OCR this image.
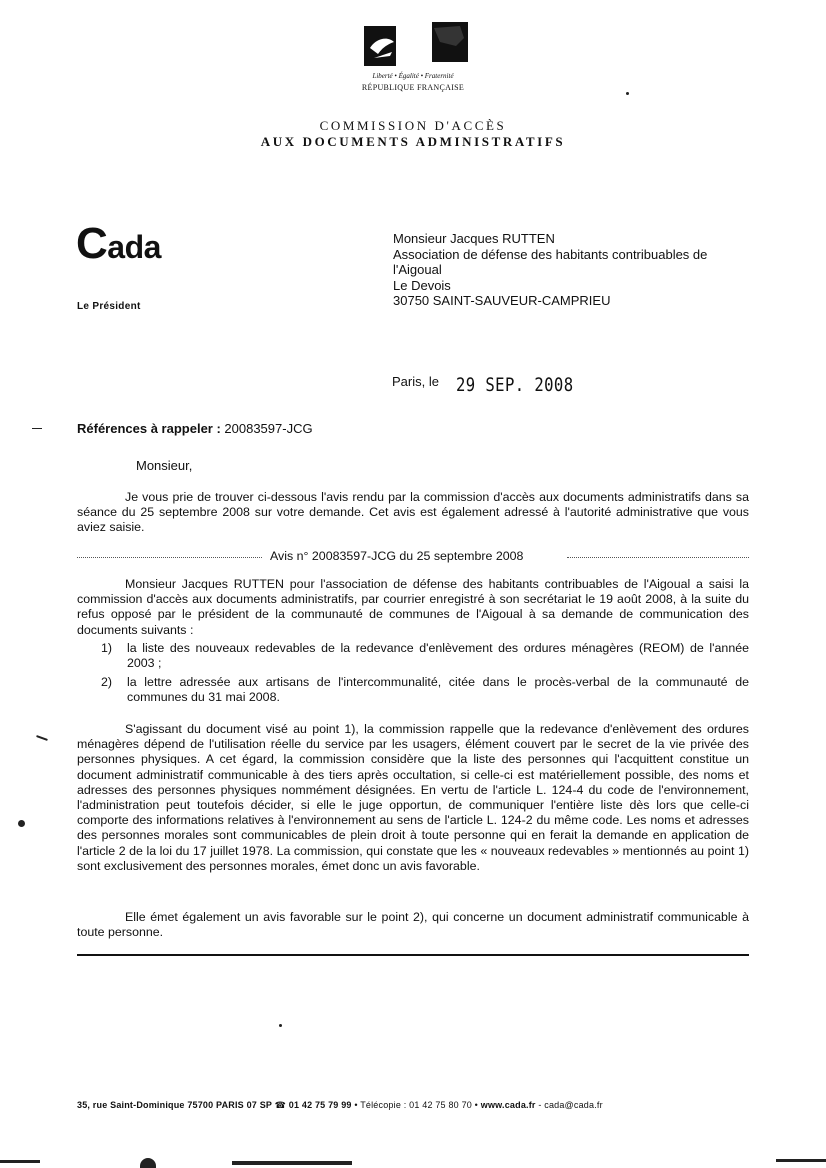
Liberté • Égalité • Fraternité
RÉPUBLIQUE FRANÇAISE
COMMISSION D'ACCÈS
AUX DOCUMENTS ADMINISTRATIFS
Cada
Le Président
Monsieur Jacques RUTTEN
Association de défense des habitants contribuables de
l'Aigoual
Le Devois
30750 SAINT-SAUVEUR-CAMPRIEU
Paris, le 29 SEP. 2008
Références à rappeler : 20083597-JCG
Monsieur,
Je vous prie de trouver ci-dessous l'avis rendu par la commission d'accès aux documents administratifs dans sa séance du 25 septembre 2008 sur votre demande. Cet avis est également adressé à l'autorité administrative que vous aviez saisie.
Avis n° 20083597-JCG du 25 septembre 2008
Monsieur Jacques RUTTEN pour l'association de défense des habitants contribuables de l'Aigoual a saisi la commission d'accès aux documents administratifs, par courrier enregistré à son secrétariat le 19 août 2008, à la suite du refus opposé par le président de la communauté de communes de l'Aigoual à sa demande de communication des documents suivants :
1) la liste des nouveaux redevables de la redevance d'enlèvement des ordures ménagères (REOM) de l'année 2003 ;
2) la lettre adressée aux artisans de l'intercommunalité, citée dans le procès-verbal de la communauté de communes du 31 mai 2008.
S'agissant du document visé au point 1), la commission rappelle que la redevance d'enlèvement des ordures ménagères dépend de l'utilisation réelle du service par les usagers, élément couvert par le secret de la vie privée des personnes physiques. A cet égard, la commission considère que la liste des personnes qui l'acquittent constitue un document administratif communicable à des tiers après occultation, si celle-ci est matériellement possible, des noms et adresses des personnes physiques nommément désignées. En vertu de l'article L. 124-4 du code de l'environnement, l'administration peut toutefois décider, si elle le juge opportun, de communiquer l'entière liste dès lors que celle-ci comporte des informations relatives à l'environnement au sens de l'article L. 124-2 du même code. Les noms et adresses des personnes morales sont communicables de plein droit à toute personne qui en ferait la demande en application de l'article 2 de la loi du 17 juillet 1978. La commission, qui constate que les « nouveaux redevables » mentionnés au point 1) sont exclusivement des personnes morales, émet donc un avis favorable.
Elle émet également un avis favorable sur le point 2), qui concerne un document administratif communicable à toute personne.
35, rue Saint-Dominique 75700 PARIS 07 SP ☎ 01 42 75 79 99 • Télécopie : 01 42 75 80 70 • www.cada.fr - cada@cada.fr
